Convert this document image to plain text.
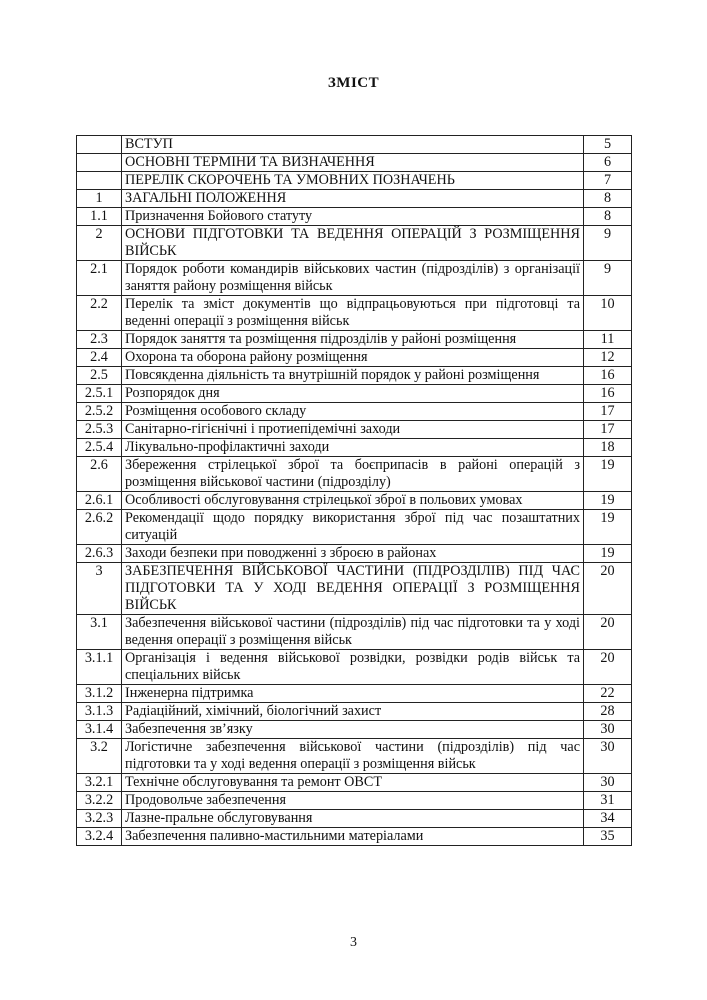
ЗМІСТ
	ВСТУП	5
	ОСНОВНІ ТЕРМІНИ ТА ВИЗНАЧЕННЯ	6
	ПЕРЕЛІК СКОРОЧЕНЬ ТА УМОВНИХ ПОЗНАЧЕНЬ	7
1	ЗАГАЛЬНІ ПОЛОЖЕННЯ	8
1.1	Призначення Бойового статуту	8
2	ОСНОВИ ПІДГОТОВКИ ТА ВЕДЕННЯ ОПЕРАЦІЙ З РОЗМІЩЕННЯ ВІЙСЬК	9
2.1	Порядок роботи командирів військових частин (підрозділів) з організації заняття району розміщення військ	9
2.2	Перелік та зміст документів що відпрацьовуються при підготовці та веденні операції з розміщення військ	10
2.3	Порядок заняття та розміщення підрозділів у районі розміщення	11
2.4	Охорона та оборона району розміщення	12
2.5	Повсякденна діяльність та внутрішній порядок у районі розміщення	16
2.5.1	Розпорядок дня	16
2.5.2	Розміщення особового складу	17
2.5.3	Санітарно-гігієнічні і протиепідемічні заходи	17
2.5.4	Лікувально-профілактичні заходи	18
2.6	Збереження стрілецької зброї та боєприпасів в районі операцій з розміщення військової частини (підрозділу)	19
2.6.1	Особливості обслуговування стрілецької зброї в польових умовах	19
2.6.2	Рекомендації щодо порядку використання зброї під час позаштатних ситуацій	19
2.6.3	Заходи безпеки при поводженні з зброєю в районах	19
3	ЗАБЕЗПЕЧЕННЯ ВІЙСЬКОВОЇ ЧАСТИНИ (ПІДРОЗДІЛІВ) ПІД ЧАС ПІДГОТОВКИ ТА У ХОДІ ВЕДЕННЯ ОПЕРАЦІЇ З РОЗМІЩЕННЯ ВІЙСЬК	20
3.1	Забезпечення військової частини (підрозділів) під час підготовки та у ході ведення операції з розміщення військ	20
3.1.1	Організація і ведення військової розвідки, розвідки родів військ та спеціальних військ	20
3.1.2	Інженерна підтримка	22
3.1.3	Радіаційний, хімічний, біологічний захист	28
3.1.4	Забезпечення зв’язку	30
3.2	Логістичне забезпечення військової частини (підрозділів) під час підготовки та у ході ведення операції з розміщення військ	30
3.2.1	Технічне обслуговування та ремонт ОВСТ	30
3.2.2	Продовольче забезпечення	31
3.2.3	Лазне-пральне обслуговування	34
3.2.4	Забезпечення паливно-мастильними матеріалами	35
3
